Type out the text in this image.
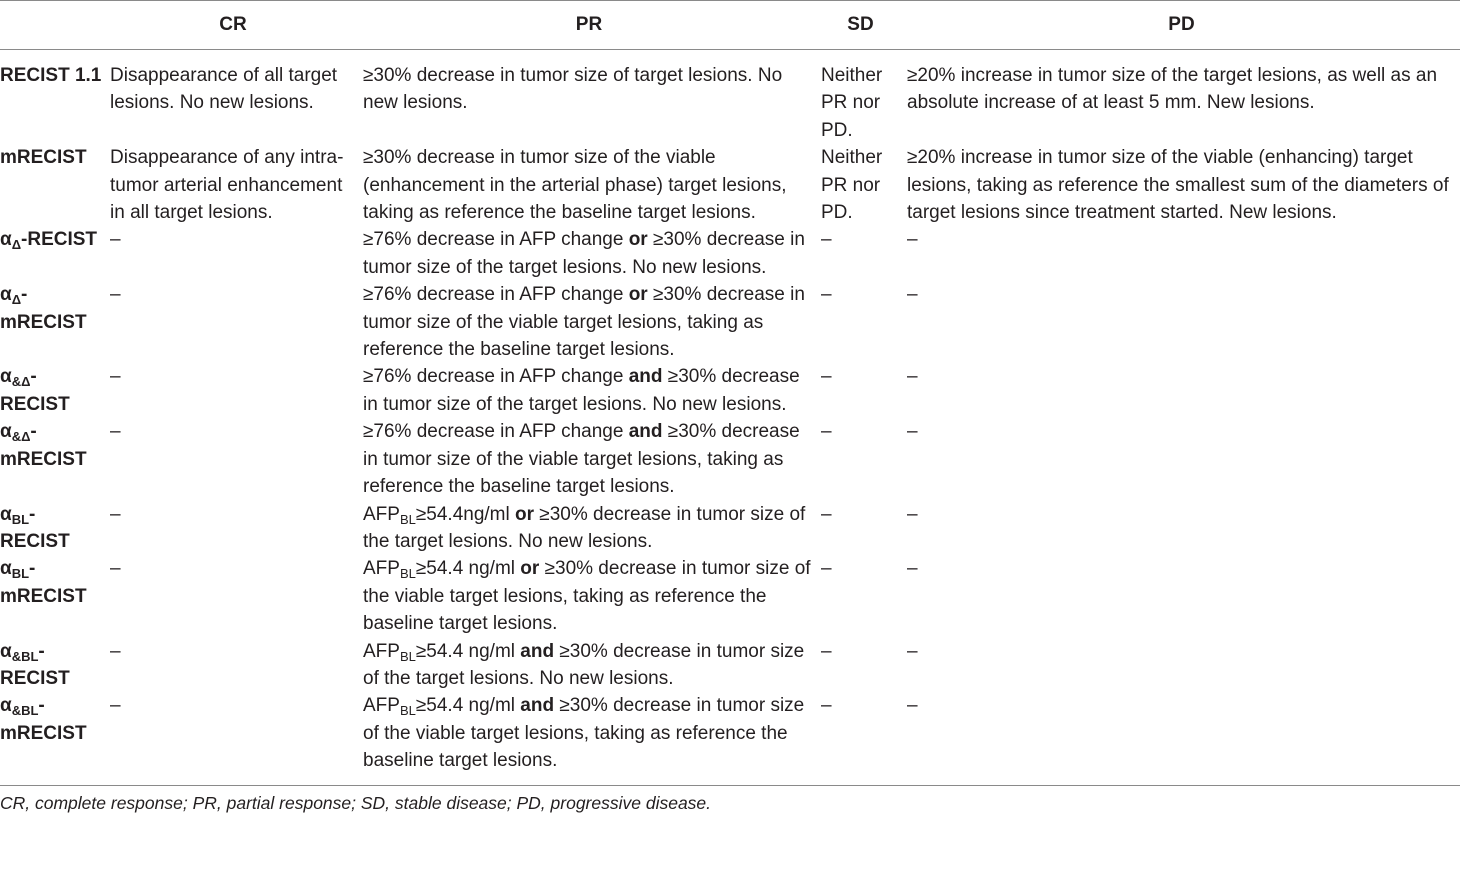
	CR	PR	SD	PD
RECIST 1.1	Disappearance of all target lesions. No new lesions.	≥30% decrease in tumor size of target lesions. No new lesions.	Neither PR nor PD.	≥20% increase in tumor size of the target lesions, as well as an absolute increase of at least 5 mm. New lesions.
mRECIST	Disappearance of any intra-tumor arterial enhancement in all target lesions.	≥30% decrease in tumor size of the viable (enhancement in the arterial phase) target lesions, taking as reference the baseline target lesions.	Neither PR nor PD.	≥20% increase in tumor size of the viable (enhancing) target lesions, taking as reference the smallest sum of the diameters of target lesions since treatment started. New lesions.
$\alpha_\Delta$-RECIST	–	≥76% decrease in AFP change or ≥30% decrease in tumor size of the target lesions. No new lesions.	–	–
$\alpha_\Delta$-mRECIST	–	≥76% decrease in AFP change or ≥30% decrease in tumor size of the viable target lesions, taking as reference the baseline target lesions.	–	–
$\alpha_{\&\Delta}$-RECIST	–	≥76% decrease in AFP change and ≥30% decrease in tumor size of the target lesions. No new lesions.	–	–
$\alpha_{\&\Delta}$-mRECIST	–	≥76% decrease in AFP change and ≥30% decrease in tumor size of the viable target lesions, taking as reference the baseline target lesions.	–	–
$\alpha_{BL}$-RECIST	–	$AFP_{BL}\ge 54.4ng/ml$ or ≥30% decrease in tumor size of the target lesions. No new lesions.	–	–
$\alpha_{BL}$-mRECIST	–	$AFP_{BL}\ge 54.4$ ng/ml or ≥30% decrease in tumor size of the viable target lesions, taking as reference the baseline target lesions.	–	–
$\alpha_{\&BL}$-RECIST	–	$AFP_{BL}\ge 54.4$ ng/ml and ≥30% decrease in tumor size of the target lesions. No new lesions.	–	–
$\alpha_{\&BL}$-mRECIST	–	$AFP_{BL}\ge 54.4$ ng/ml and ≥30% decrease in tumor size of the viable target lesions, taking as reference the baseline target lesions.	–	–
CR, complete response; PR, partial response; SD, stable disease; PD, progressive disease.
